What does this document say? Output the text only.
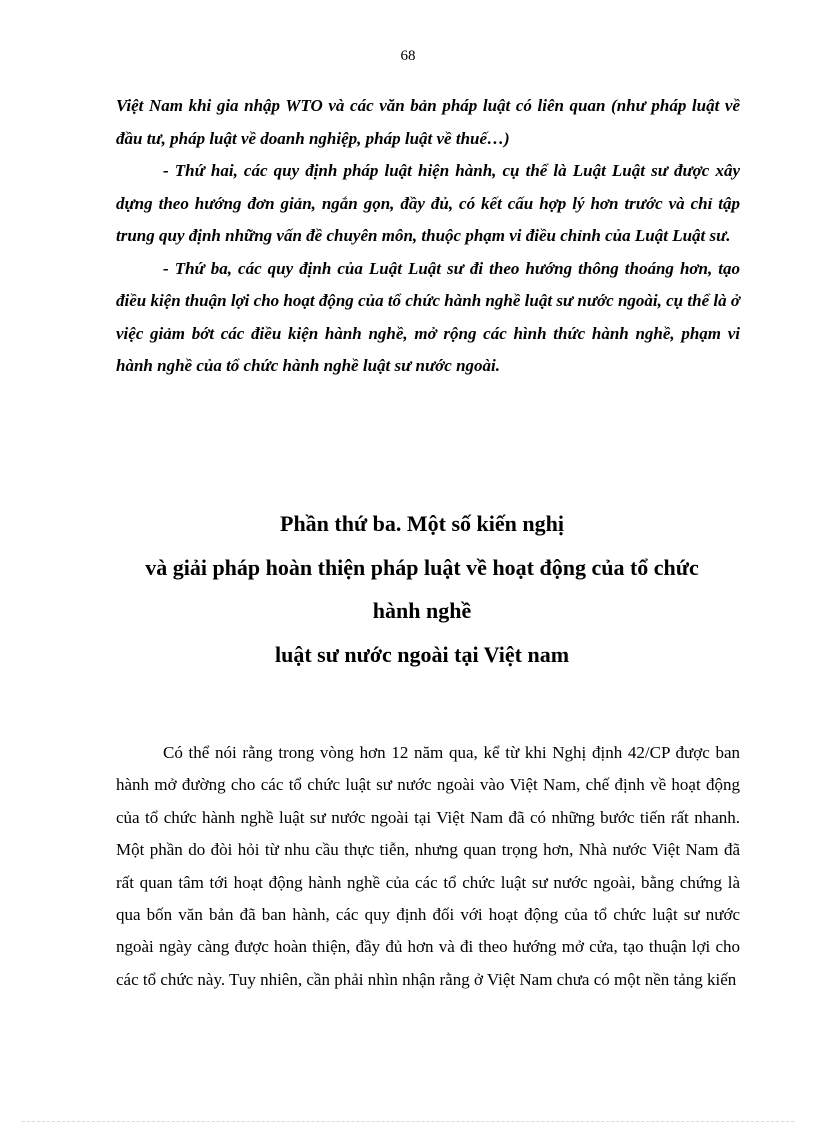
68

Việt Nam khi gia nhập WTO và các văn bản pháp luật có liên quan (như pháp luật về đầu tư, pháp luật về doanh nghiệp, pháp luật về thuế…)

- Thứ hai, các quy định pháp luật hiện hành, cụ thể là Luật Luật sư được xây dựng theo hướng đơn giản, ngắn gọn, đầy đủ, có kết cấu hợp lý hơn trước và chỉ tập trung quy định những vấn đề chuyên môn, thuộc phạm vi điều chỉnh của Luật Luật sư.

- Thứ ba, các quy định của Luật Luật sư đi theo hướng thông thoáng hơn, tạo điều kiện thuận lợi cho hoạt động của tổ chức hành nghề luật sư nước ngoài, cụ thể là ở việc giảm bớt các điều kiện hành nghề, mở rộng các hình thức hành nghề, phạm vi hành nghề của tổ chức hành nghề luật sư nước ngoài.

Phần thứ ba. Một số kiến nghị
và giải pháp hoàn thiện pháp luật về hoạt động của tổ chức
hành nghề
luật sư nước ngoài tại Việt nam

Có thể nói rằng trong vòng hơn 12 năm qua, kể từ khi Nghị định 42/CP được ban hành mở đường cho các tổ chức luật sư nước ngoài vào Việt Nam, chế định về hoạt động của tổ chức hành nghề luật sư nước ngoài tại Việt Nam đã có những bước tiến rất nhanh. Một phần do đòi hỏi từ nhu cầu thực tiễn, nhưng quan trọng hơn, Nhà nước Việt Nam đã rất quan tâm tới hoạt động hành nghề của các tổ chức luật sư nước ngoài, bằng chứng là qua bốn văn bản đã ban hành, các quy định đối với hoạt động của tổ chức luật sư nước ngoài ngày càng được hoàn thiện, đầy đủ hơn và đi theo hướng mở cửa, tạo thuận lợi cho các tổ chức này. Tuy nhiên, cần phải nhìn nhận rằng ở Việt Nam chưa có một nền tảng kiến
